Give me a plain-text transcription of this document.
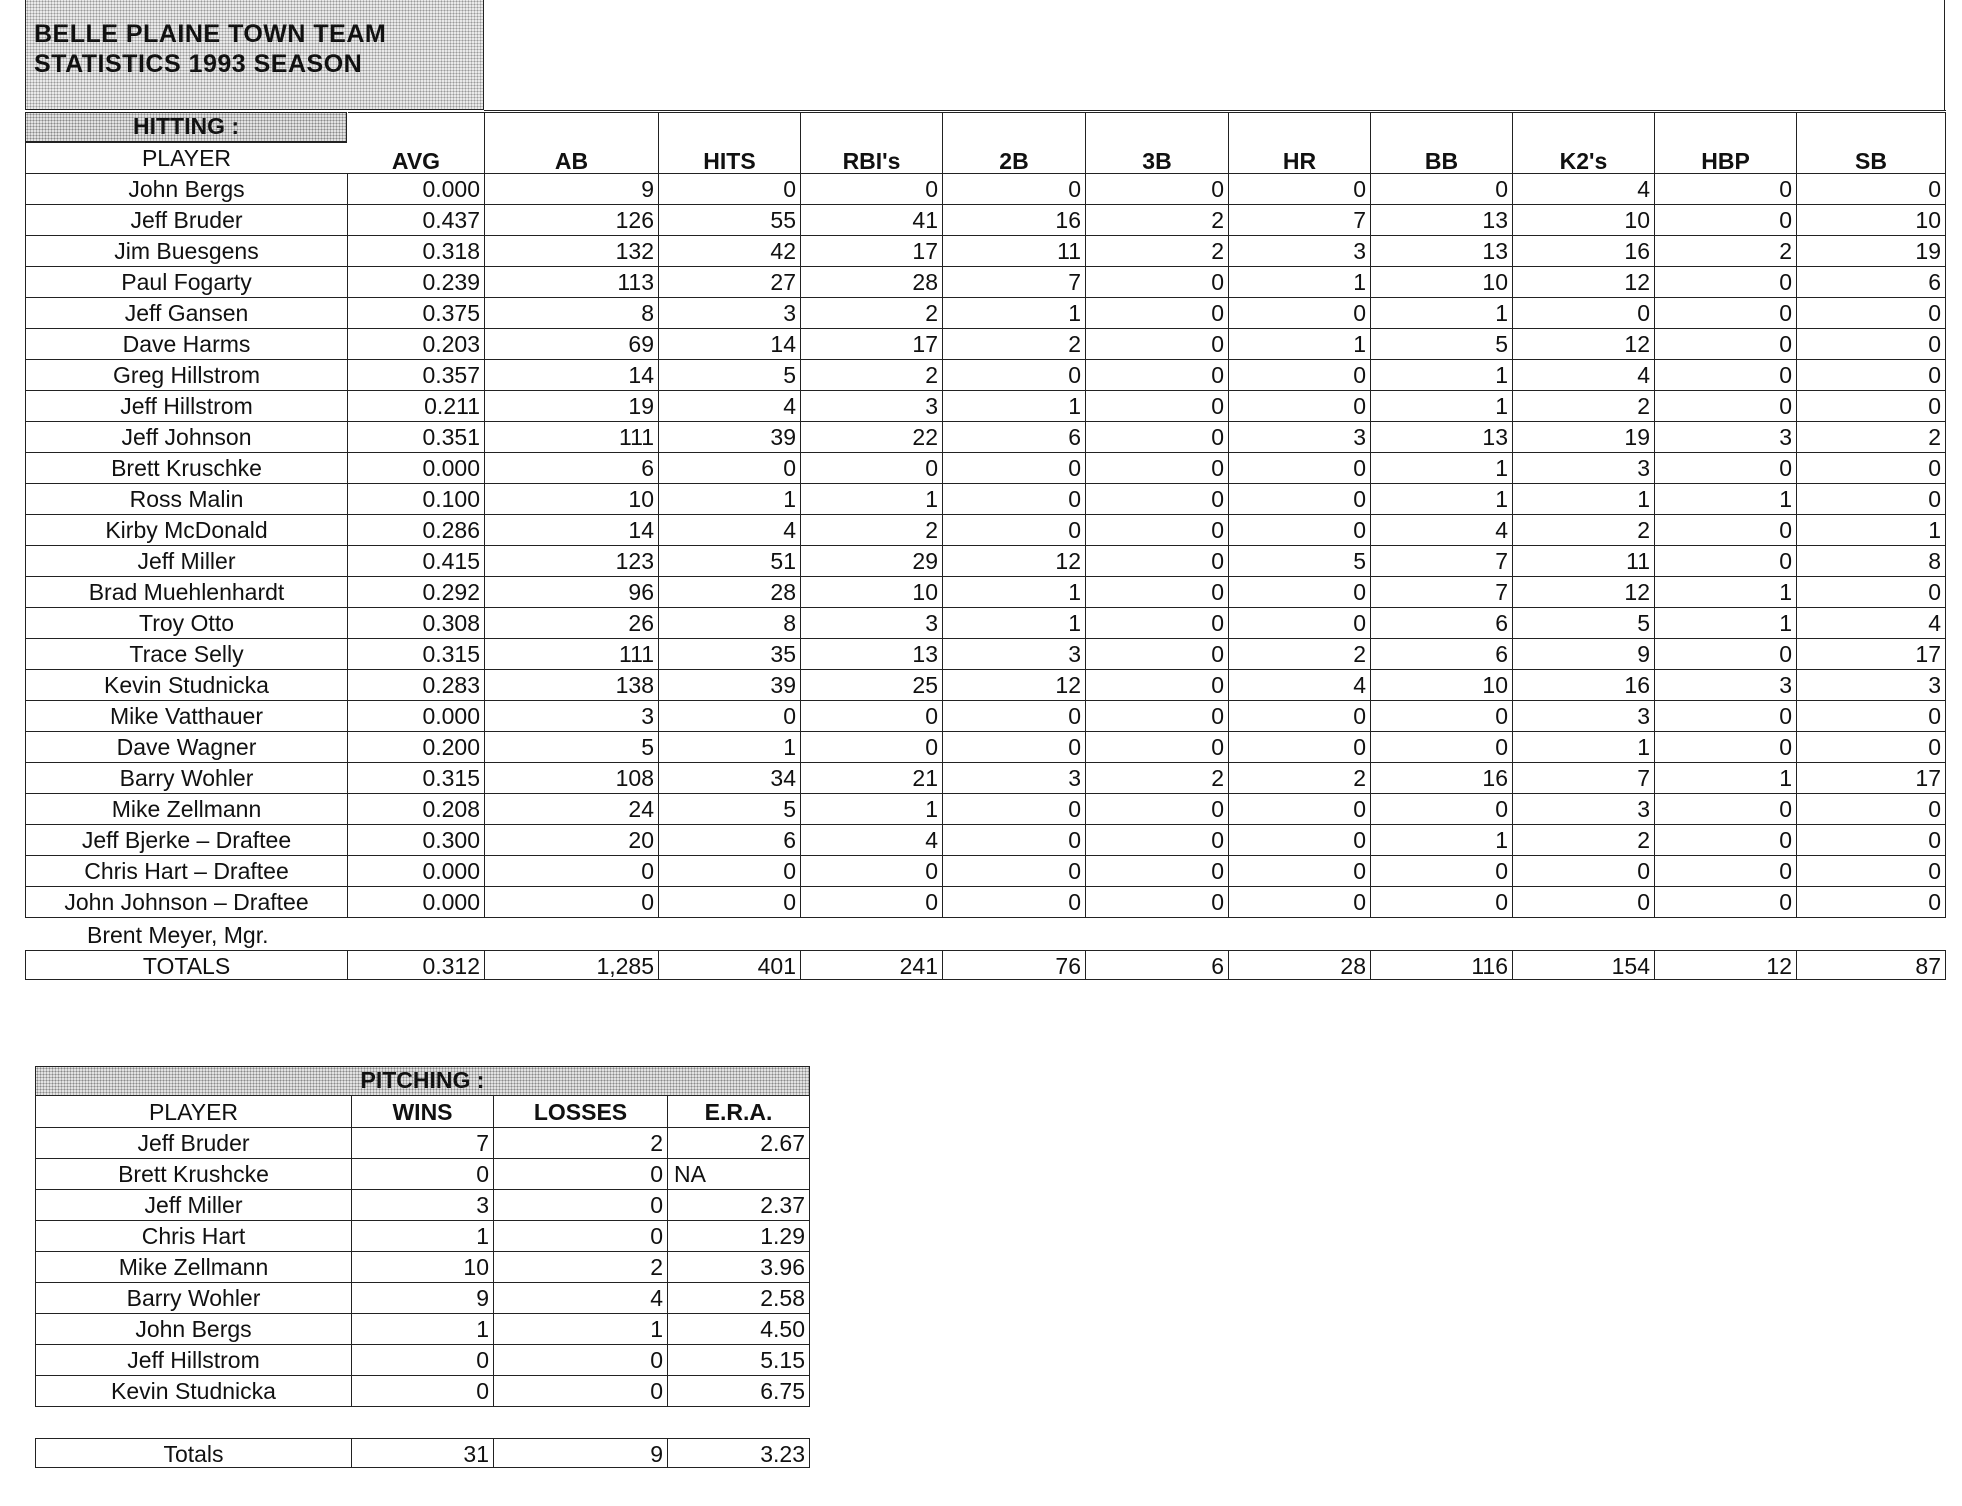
BELLE PLAINE TOWN TEAM
STATISTICS 1993 SEASON
HITTING :
PLAYER	AVG	AB	HITS	RBI's	2B	3B	HR	BB	K2's	HBP	SB
John Bergs	0.000	9	0	0	0	0	0	0	4	0	0
Jeff Bruder	0.437	126	55	41	16	2	7	13	10	0	10
Jim Buesgens	0.318	132	42	17	11	2	3	13	16	2	19
Paul Fogarty	0.239	113	27	28	7	0	1	10	12	0	6
Jeff Gansen	0.375	8	3	2	1	0	0	1	0	0	0
Dave Harms	0.203	69	14	17	2	0	1	5	12	0	0
Greg Hillstrom	0.357	14	5	2	0	0	0	1	4	0	0
Jeff Hillstrom	0.211	19	4	3	1	0	0	1	2	0	0
Jeff Johnson	0.351	111	39	22	6	0	3	13	19	3	2
Brett Kruschke	0.000	6	0	0	0	0	0	1	3	0	0
Ross Malin	0.100	10	1	1	0	0	0	1	1	1	0
Kirby McDonald	0.286	14	4	2	0	0	0	4	2	0	1
Jeff Miller	0.415	123	51	29	12	0	5	7	11	0	8
Brad Muehlenhardt	0.292	96	28	10	1	0	0	7	12	1	0
Troy Otto	0.308	26	8	3	1	0	0	6	5	1	4
Trace Selly	0.315	111	35	13	3	0	2	6	9	0	17
Kevin Studnicka	0.283	138	39	25	12	0	4	10	16	3	3
Mike Vatthauer	0.000	3	0	0	0	0	0	0	3	0	0
Dave Wagner	0.200	5	1	0	0	0	0	0	1	0	0
Barry Wohler	0.315	108	34	21	3	2	2	16	7	1	17
Mike Zellmann	0.208	24	5	1	0	0	0	0	3	0	0
Jeff Bjerke – Draftee	0.300	20	6	4	0	0	0	1	2	0	0
Chris Hart – Draftee	0.000	0	0	0	0	0	0	0	0	0	0
John Johnson – Draftee	0.000	0	0	0	0	0	0	0	0	0	0
Brent Meyer, Mgr.
TOTALS	0.312	1,285	401	241	76	6	28	116	154	12	87
PITCHING :
PLAYER	WINS	LOSSES	E.R.A.
Jeff Bruder	7	2	2.67
Brett Krushcke	0	0 NA
Jeff Miller	3	0	2.37
Chris Hart	1	0	1.29
Mike Zellmann	10	2	3.96
Barry Wohler	9	4	2.58
John Bergs	1	1	4.50
Jeff Hillstrom	0	0	5.15
Kevin Studnicka	0	0	6.75
Totals	31	9	3.23
